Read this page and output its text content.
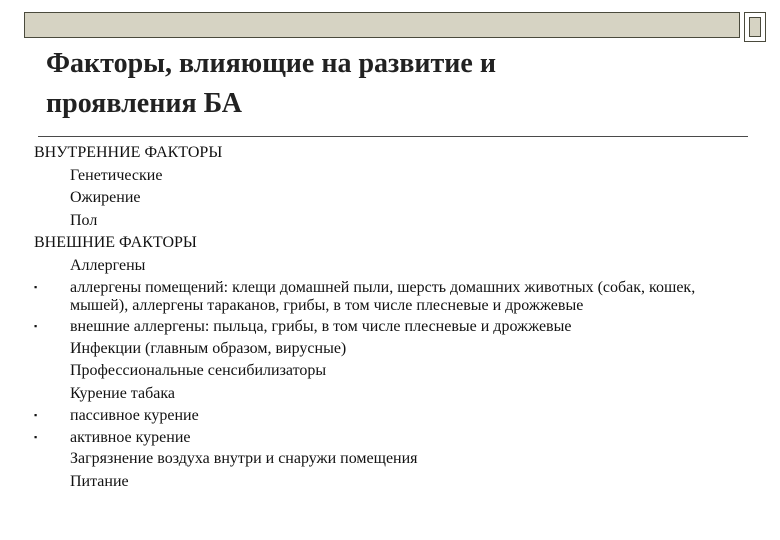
Факторы, влияющие на развитие и
проявления БА
ВНУТРЕННИЕ ФАКТОРЫ
Генетические
Ожирение
Пол
ВНЕШНИЕ ФАКТОРЫ
Аллергены
▪ аллергены помещений: клещи домашней пыли, шерсть домашних животных (собак, кошек, мышей), аллергены тараканов, грибы, в том числе плесневые и дрожжевые
▪ внешние аллергены: пыльца, грибы, в том числе плесневые и дрожжевые
Инфекции (главным образом, вирусные)
Профессиональные сенсибилизаторы
Курение табака
▪ пассивное курение
▪ активное курение
Загрязнение воздуха внутри и снаружи помещения
Питание
